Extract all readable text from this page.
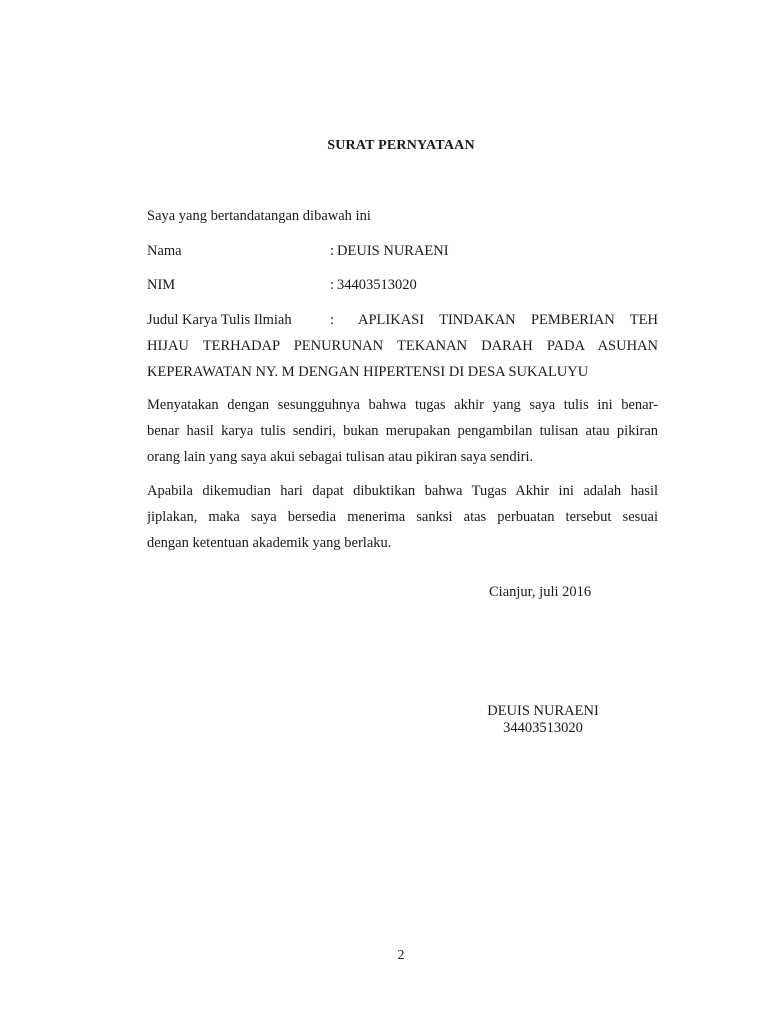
SURAT PERNYATAAN
Saya yang bertandatangan dibawah ini
Nama	: DEUIS NURAENI
NIM	: 34403513020
Judul Karya Tulis Ilmiah	: APLIKASI TINDAKAN PEMBERIAN TEH
HIJAU TERHADAP PENURUNAN TEKANAN DARAH PADA ASUHAN
KEPERAWATAN NY. M DENGAN HIPERTENSI DI DESA SUKALUYU
Menyatakan dengan sesungguhnya bahwa tugas akhir yang saya tulis ini benar-
benar hasil karya tulis sendiri, bukan merupakan pengambilan tulisan atau pikiran
orang lain yang saya akui sebagai tulisan atau pikiran saya sendiri.
Apabila dikemudian hari dapat dibuktikan bahwa Tugas Akhir ini adalah hasil
jiplakan, maka saya bersedia menerima sanksi atas perbuatan tersebut sesuai
dengan ketentuan akademik yang berlaku.
Cianjur, juli 2016
DEUIS NURAENI
34403513020
2
